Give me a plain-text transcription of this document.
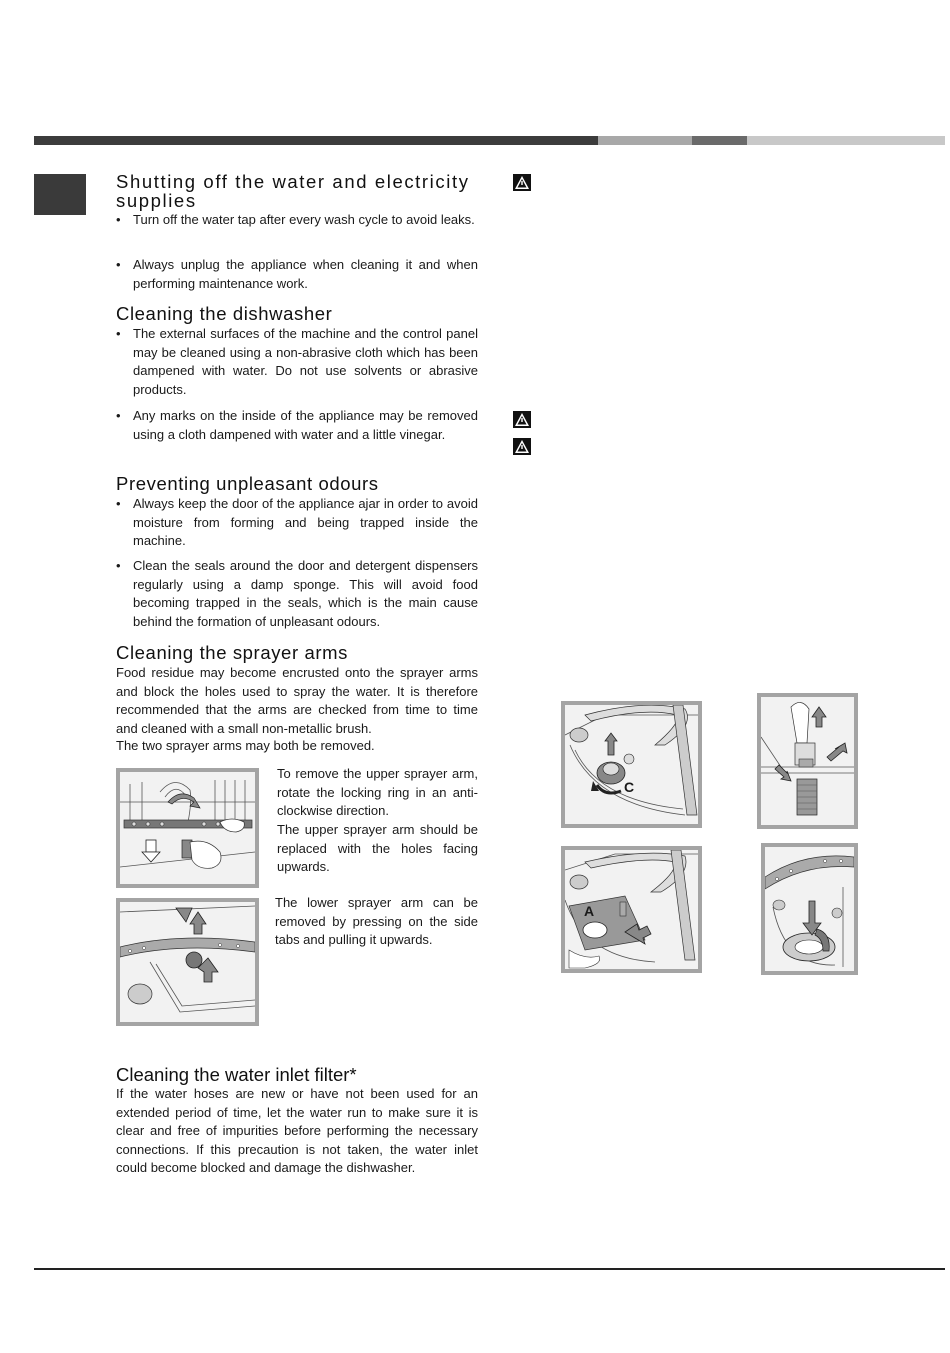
Shutting off the water and electricity supplies
• Turn off the water tap after every wash cycle to avoid leaks.
• Always unplug the appliance when cleaning it and when performing maintenance work.
Cleaning the dishwasher
• The external surfaces of the machine and the control panel may be cleaned using a non-abrasive cloth which has been dampened with water. Do not use solvents or abrasive products.
• Any marks on the inside of the appliance may be removed using a cloth dampened with water and a little vinegar.
Preventing unpleasant odours
• Always keep the door of the appliance ajar in order to avoid moisture from forming and being trapped inside the machine.
• Clean the seals around the door and detergent dispensers regularly using a damp sponge. This will avoid food becoming trapped in the seals, which is the main cause behind the formation of unpleasant odours.
Cleaning the sprayer arms
Food residue may become encrusted onto the sprayer arms and block the holes used to spray the water. It is therefore recommended that the arms are checked from time to time and cleaned with a small non-metallic brush.
The two sprayer arms may both be removed.
To remove the upper sprayer arm, rotate the locking ring in an anti-clockwise direction.
The upper sprayer arm should be replaced with the holes facing upwards.
The lower sprayer arm can be removed by pressing on the side tabs and pulling it upwards.
Cleaning the water inlet filter*
If the water hoses are new or have not been used for an extended period of time, let the water run to make sure it is clear and free of impurities before performing the necessary connections. If this precaution is not taken, the water inlet could become blocked and damage the dishwasher.
C
A
